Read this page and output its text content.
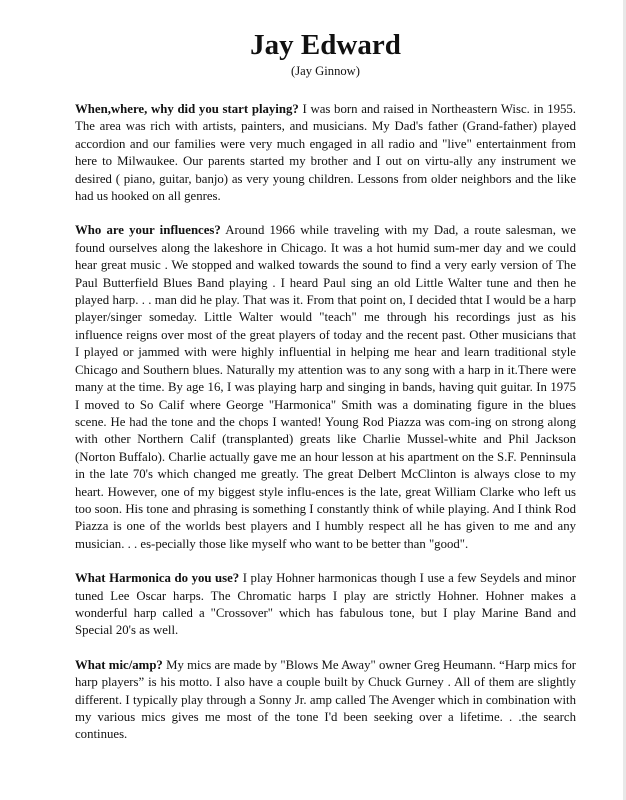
Jay Edward
(Jay Ginnow)

When,where, why did you start playing? I was born and raised in Northeastern Wisc. in 1955. The area was rich with artists, painters, and musicians. My Dad's father (Grand-father) played accordion and our families were very much engaged in all radio and "live" entertainment from here to Milwaukee. Our parents started my brother and I out on virtu-ally any instrument we desired ( piano, guitar, banjo) as very young children. Lessons from older neighbors and the like had us hooked on all genres.

Who are your influences? Around 1966 while traveling with my Dad, a route salesman, we found ourselves along the lakeshore in Chicago. It was a hot humid sum-mer day and we could hear great music . We stopped and walked towards the sound to find a very early version of The Paul Butterfield Blues Band playing . I heard Paul sing an old Little Walter tune and then he played harp. . . man did he play. That was it. From that point on, I decided thtat I would be a harp player/singer someday. Little Walter would "teach" me through his recordings just as his influence reigns over most of the great players of today and the recent past. Other musicians that I played or jammed with were highly influential in helping me hear and learn traditional style Chicago and Southern blues. Naturally my attention was to any song with a harp in it.There were many at the time. By age 16, I was playing harp and singing in bands, having quit guitar. In 1975 I moved to So Calif where George "Harmonica" Smith was a dominating figure in the blues scene. He had the tone and the chops I wanted! Young Rod Piazza was com-ing on strong along with other Northern Calif (transplanted) greats like Charlie Mussel-white and Phil Jackson (Norton Buffalo). Charlie actually gave me an hour lesson at his apartment on the S.F. Penninsula in the late 70's which changed me greatly. The great Delbert McClinton is always close to my heart. However, one of my biggest style influ-ences is the late, great William Clarke who left us too soon. His tone and phrasing is something I constantly think of while playing. And I think Rod Piazza is one of the worlds best players and I humbly respect all he has given to me and any musician. . . es-pecially those like myself who want to be better than "good".

What Harmonica do you use? I play Hohner harmonicas though I use a few Seydels and minor tuned Lee Oscar harps. The Chromatic harps I play are strictly Hohner. Hohner makes a wonderful harp called a "Crossover" which has fabulous tone, but I play Marine Band and Special 20's as well.

What mic/amp? My mics are made by "Blows Me Away" owner Greg Heumann. “Harp mics for harp players” is his motto. I also have a couple built by Chuck Gurney . All of them are slightly different. I typically play through a Sonny Jr. amp called The Avenger which in combination with my various mics gives me most of the tone I'd been seeking over a lifetime. . .the search continues.
